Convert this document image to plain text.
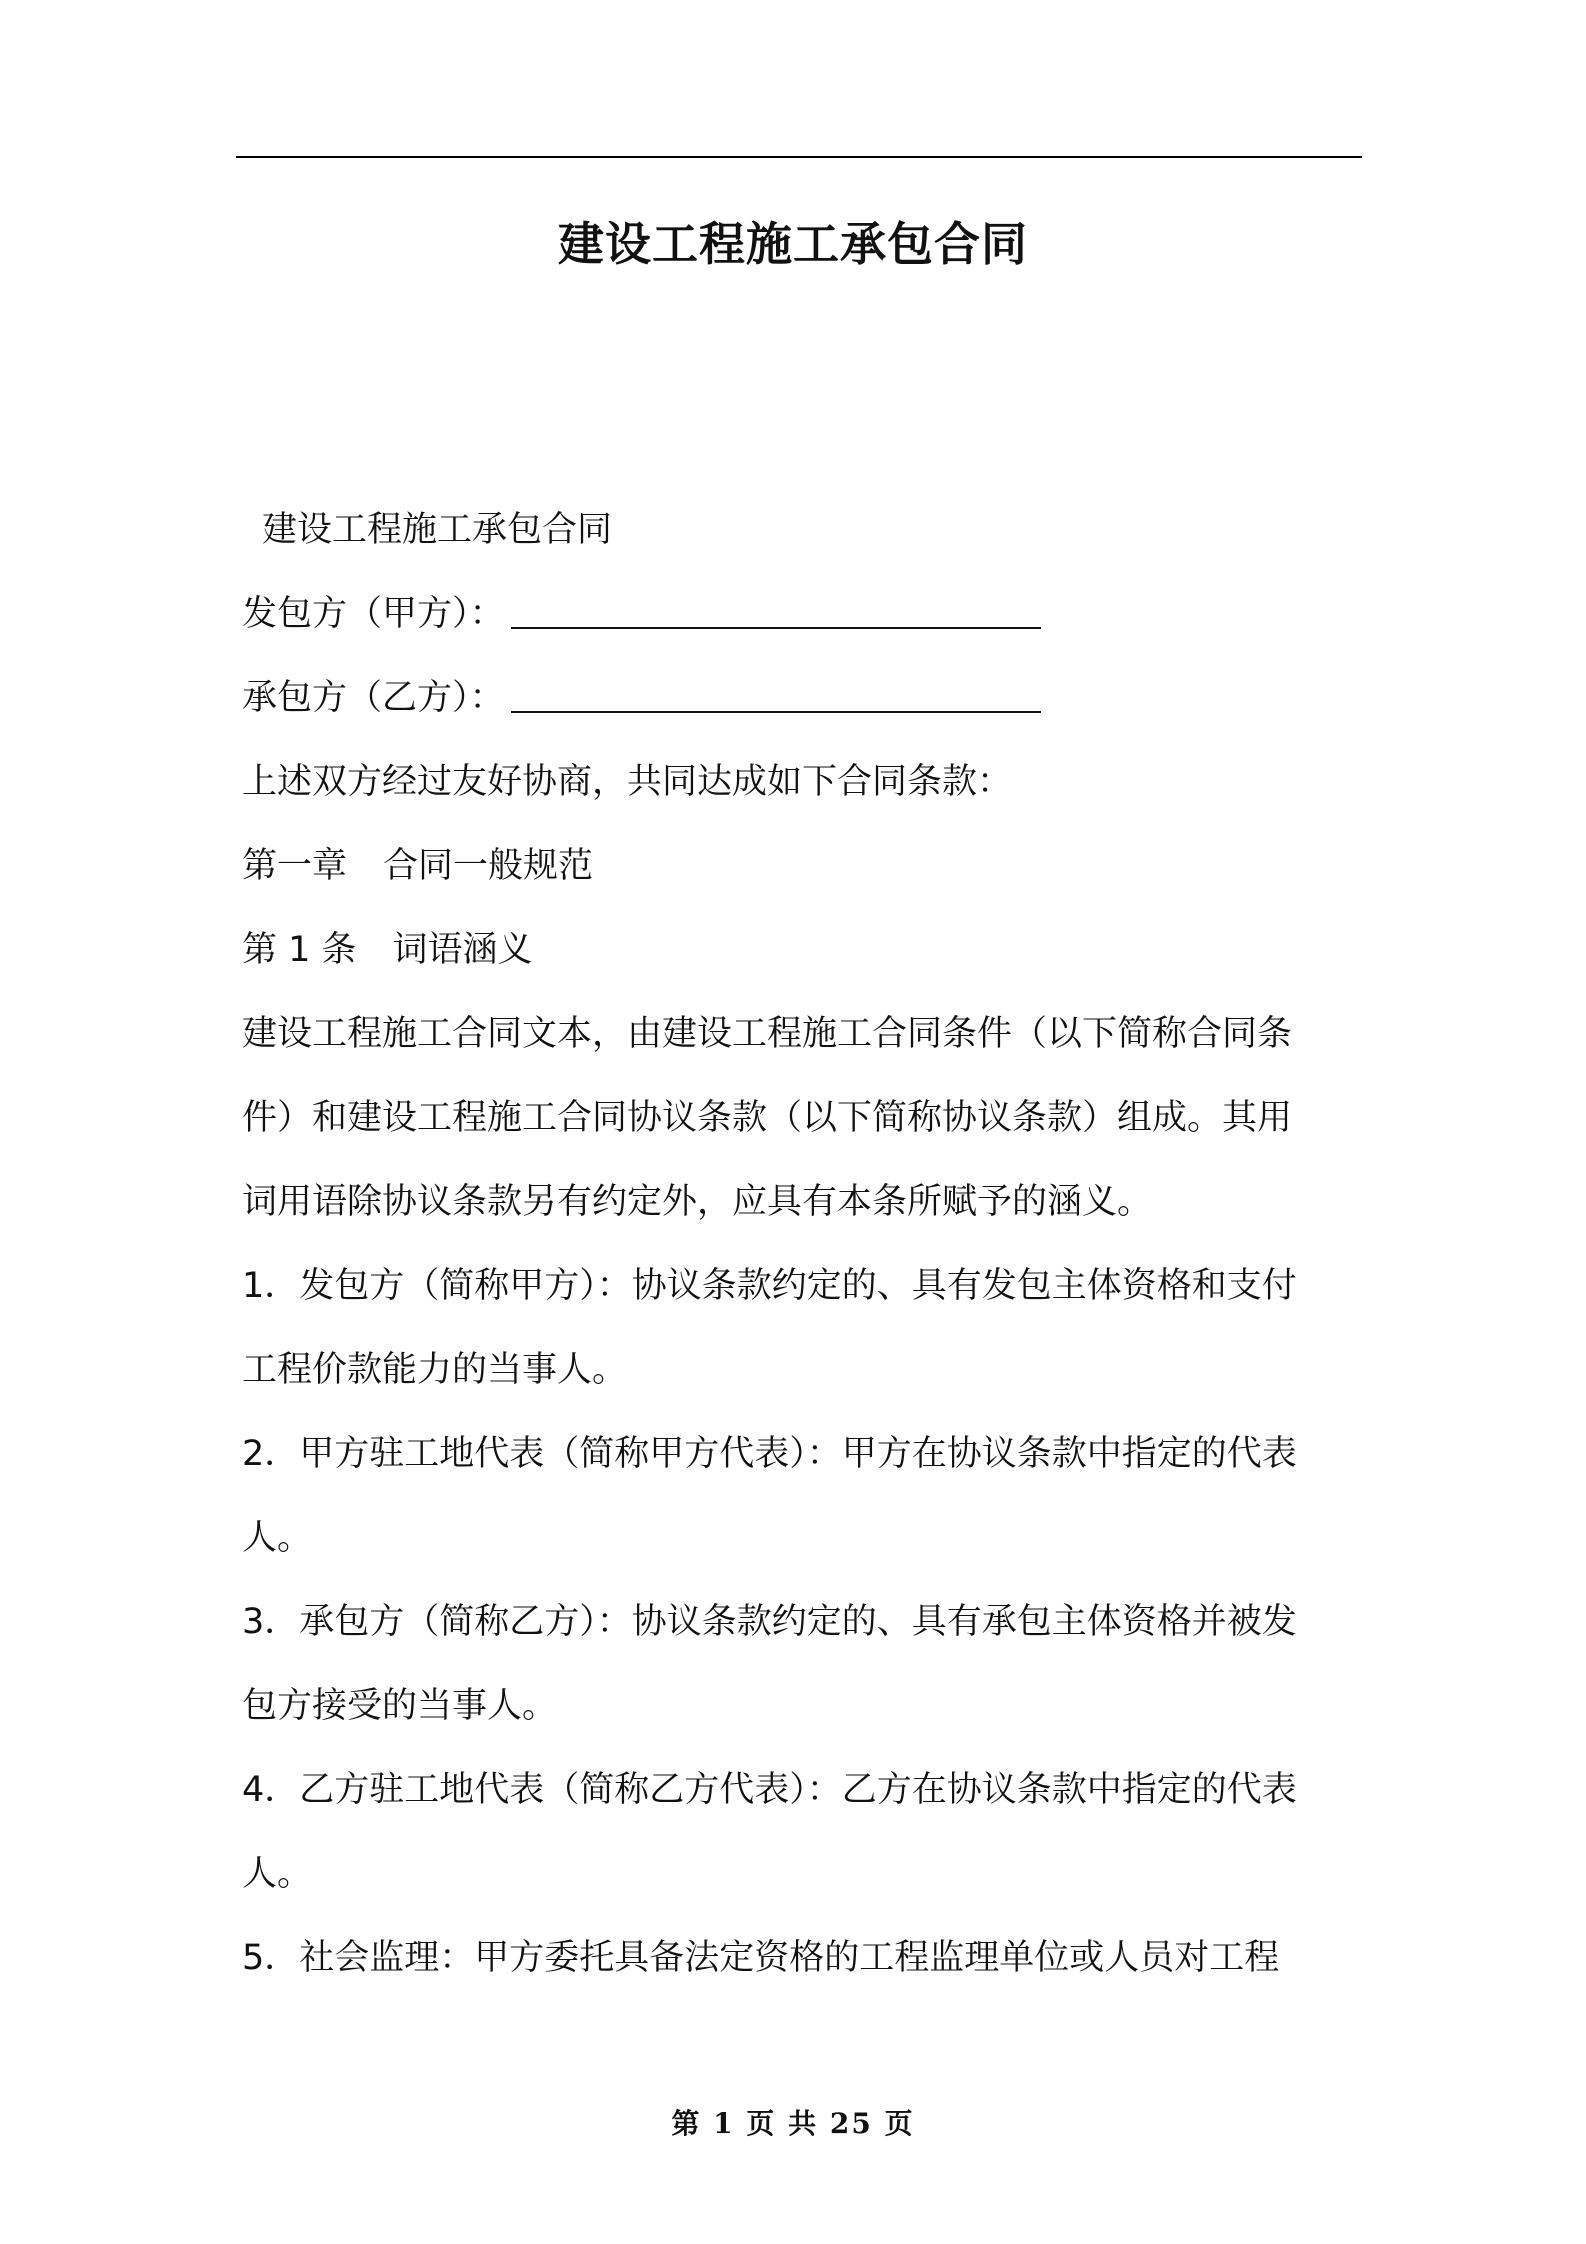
建设工程施工承包合同
建设工程施工承包合同
发包方（甲方）：
承包方（乙方）：
上述双方经过友好协商，共同达成如下合同条款：
第一章 合同一般规范
第 1 条 词语涵义
建设工程施工合同文本，由建设工程施工合同条件（以下简称合同条
件）和建设工程施工合同协议条款（以下简称协议条款）组成。其用
词用语除协议条款另有约定外，应具有本条所赋予的涵义。
1．发包方（简称甲方）：协议条款约定的、具有发包主体资格和支付
工程价款能力的当事人。
2．甲方驻工地代表（简称甲方代表）：甲方在协议条款中指定的代表
人。
3．承包方（简称乙方）：协议条款约定的、具有承包主体资格并被发
包方接受的当事人。
4．乙方驻工地代表（简称乙方代表）：乙方在协议条款中指定的代表
人。
5．社会监理：甲方委托具备法定资格的工程监理单位或人员对工程
第 1 页 共 25 页
